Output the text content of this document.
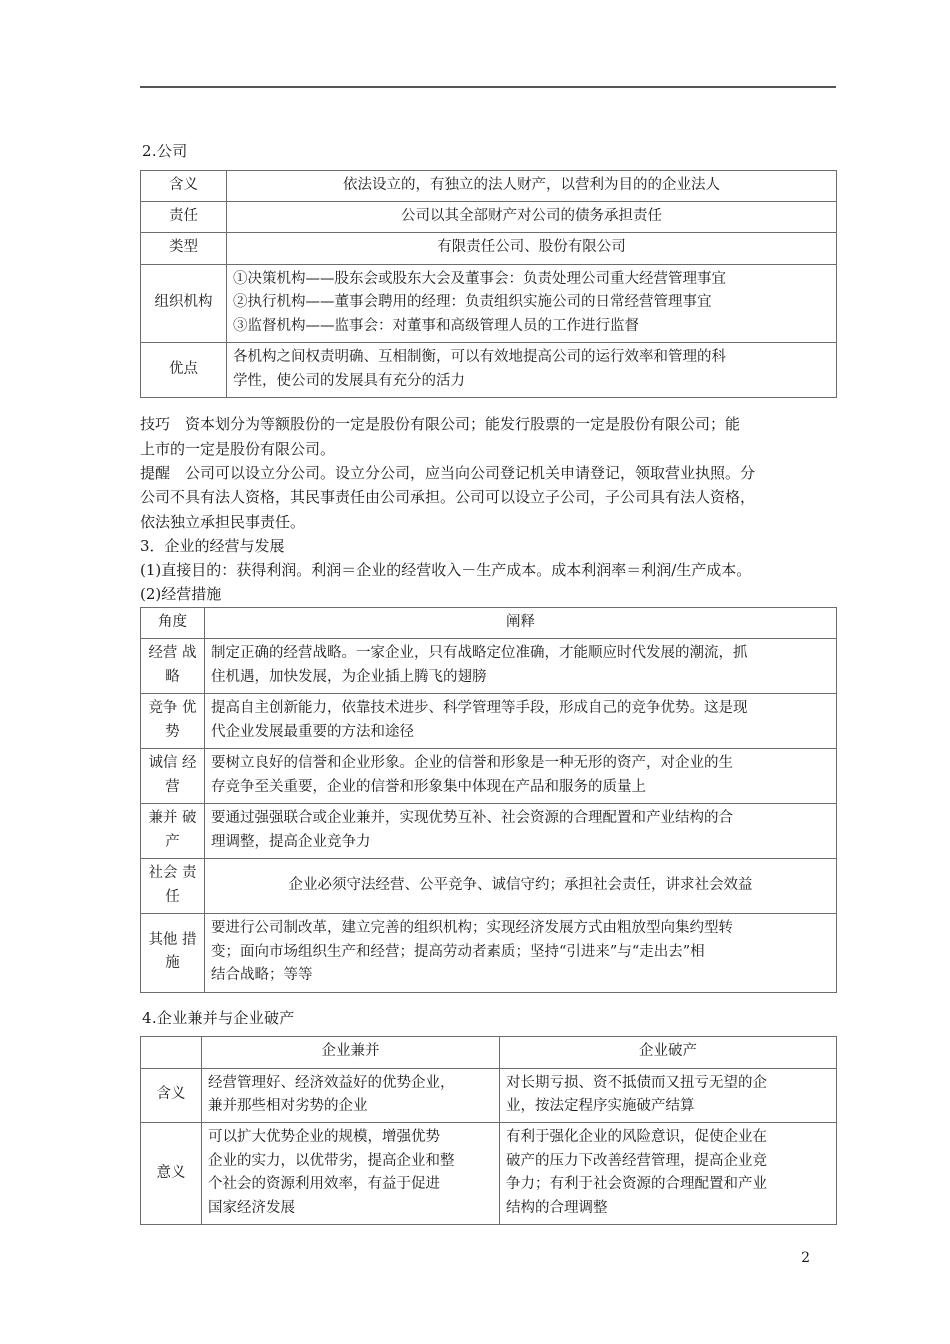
2.公司
含义	依法设立的，有独立的法人财产，以营利为目的的企业法人
责任	公司以其全部财产对公司的债务承担责任
类型	有限责任公司、股份有限公司
组织机构	①决策机构——股东会或股东大会及董事会：负责处理公司重大经营管理事宜
②执行机构——董事会聘用的经理：负责组织实施公司的日常经营管理事宜
③监督机构——监事会：对董事和高级管理人员的工作进行监督

优点	各机构之间权责明确、互相制衡，可以有效地提高公司的运行效率和管理的科
学性，使公司的发展具有充分的活力
技巧　资本划分为等额股份的一定是股份有限公司；能发行股票的一定是股份有限公司；能
上市的一定是股份有限公司。
提醒　公司可以设立分公司。设立分公司，应当向公司登记机关申请登记，领取营业执照。分
公司不具有法人资格，其民事责任由公司承担。公司可以设立子公司，子公司具有法人资格，
依法独立承担民事责任。
3．企业的经营与发展
(1)直接目的：获得利润。利润＝企业的经营收入－生产成本。成本利润率＝利润/生产成本。
(2)经营措施
角度	阐释
经营 战略	制定正确的经营战略。一家企业，只有战略定位准确，才能顺应时代发展的潮流，抓
住机遇，加快发展，为企业插上腾飞的翅膀

竞争 优势	提高自主创新能力，依靠技术进步、科学管理等手段，形成自己的竞争优势。这是现
代企业发展最重要的方法和途径

诚信 经营	要树立良好的信誉和企业形象。企业的信誉和形象是一种无形的资产，对企业的生
存竞争至关重要，企业的信誉和形象集中体现在产品和服务的质量上

兼并 破产	要通过强强联合或企业兼并，实现优势互补、社会资源的合理配置和产业结构的合
理调整，提高企业竞争力

社会 责任	企业必须守法经营、公平竞争、诚信守约；承担社会责任，讲求社会效益
其他 措施	要进行公司制改革，建立完善的组织机构；实现经济发展方式由粗放型向集约型转
变；面向市场组织生产和经营；提高劳动者素质；坚持“引进来”与“走出去”相
结合战略；等等
4.企业兼并与企业破产
	企业兼并	企业破产
含义	经营管理好、经济效益好的优势企业，
兼并那些相对劣势的企业	对长期亏损、资不抵债而又扭亏无望的企
业，按法定程序实施破产结算

意义	可以扩大优势企业的规模，增强优势
企业的实力，以优带劣，提高企业和整
个社会的资源利用效率，有益于促进
国家经济发展	有利于强化企业的风险意识，促使企业在
破产的压力下改善经营管理，提高企业竞
争力；有利于社会资源的合理配置和产业
结构的合理调整
2
